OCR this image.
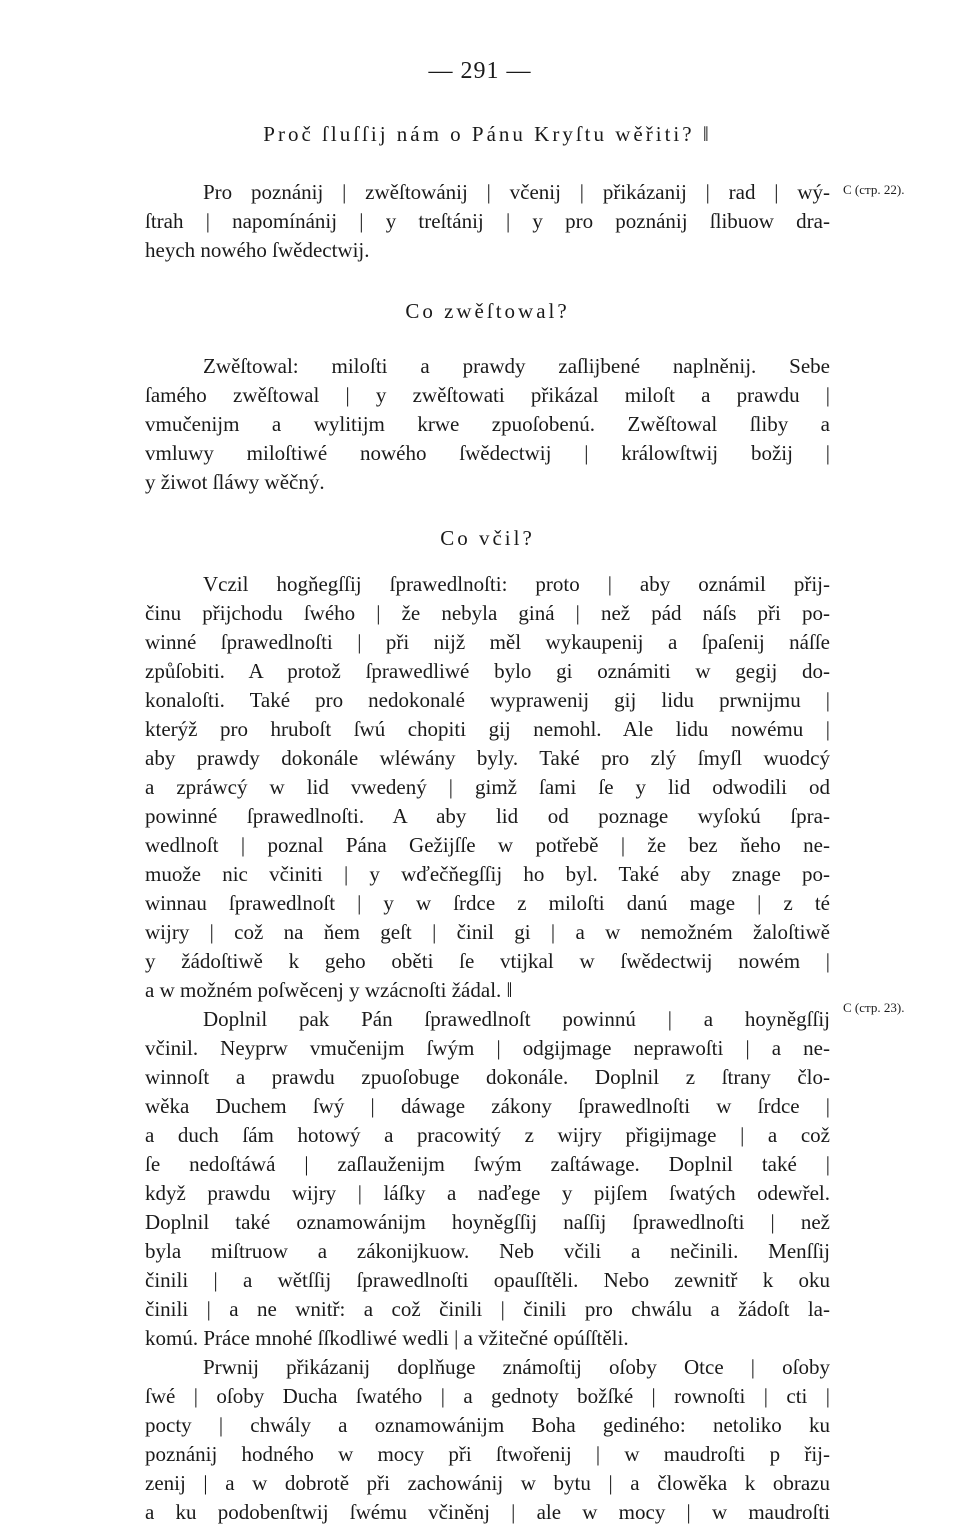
— 291 —
Proč ſluſſij nám o Pánu Kryſtu wěřiti? ‖
C (стр. 22).
Pro poznánij | zwěſtowánij | včenij | přikázanij | rad | wý-
ſtrah | napomínánij | y treſtánij | y pro poznánij ſlibuow dra-
heych nowého ſwědectwij.
Co zwěſtowal?
Zwěſtowal: miloſti a prawdy zaſlijbené naplněnij. Sebe
ſamého zwěſtowal | y zwěſtowati přikázal miloſt a prawdu |
vmučenijm a wylitijm krwe zpuoſobenú. Zwěſtowal ſliby a
vmluwy miloſtiwé nowého ſwědectwij | králowſtwij božij |
y žiwot ſláwy wěčný.
Co včil?
Vczil hogňegſſij ſprawedlnoſti: proto | aby oznámil přij-
činu přijchodu ſwého | že nebyla giná | než pád náſs při po-
winné ſprawedlnoſti | při nijž měl wykaupenij a ſpaſenij náſſe
způſobiti. A protož ſprawedliwé bylo gi oznámiti w gegij do-
konaloſti. Také pro nedokonalé wyprawenij gij lidu prwnijmu |
kterýž pro hruboſt ſwú chopiti gij nemohl. Ale lidu nowému |
aby prawdy dokonále wléwány byly. Také pro zlý ſmyſl wuodcý
a zpráwcý w lid vwedený | gimž ſami ſe y lid odwodili od
powinné ſprawedlnoſti. A aby lid od poznage wyſokú ſpra-
wedlnoſt | poznal Pána Gežijſſe w potřebě | že bez ňeho ne-
muože nic včiniti | y wďečňegſſij ho byl. Také aby znage po-
winnau ſprawedlnoſt | y w ſrdce z miloſti danú mage | z té
wijry | což na ňem geſt | činil gi | a w nemožném žaloſtiwě
y žádoſtiwě k geho oběti ſe vtijkal w ſwědectwij nowém |
a w možném poſwěcenj y wzácnoſti žádal. ‖
C (стр. 23).
Doplnil pak Pán ſprawedlnoſt powinnú | a hoyněgſſij
včinil. Neyprw vmučenijm ſwým | odgijmage neprawoſti | a ne-
winnoſt a prawdu zpuoſobuge dokonále. Doplnil z ſtrany člo-
wěka Duchem ſwý | dáwage zákony ſprawedlnoſti w ſrdce |
a duch ſám hotowý a pracowitý z wijry přigijmage | a což
ſe nedoſtáwá | zaſlauženijm ſwým zaſtáwage. Doplnil také |
když prawdu wijry | láſky a naďege y pijſem ſwatých odewřel.
Doplnil také oznamowánijm hoyněgſſij naſſij ſprawedlnoſti | než
byla miſtruow a zákonijkuow. Neb včili a nečinili. Menſſij
činili | a wětſſij ſprawedlnoſti opauſſtěli. Nebo zewnitř k oku
činili | a ne wnitř: a což činili | činili pro chwálu a žádoſt la-
komú. Práce mnohé ſſkodliwé wedli | a vžitečné opúſſtěli.
Prwnij přikázanij doplňuge známoſtij oſoby Otce | oſoby
ſwé | oſoby Ducha ſwatého | a gednoty božſké | rownoſti | cti |
pocty | chwály a oznamowánijm Boha gediného: netoliko ku
poznánij hodného w mocy při ſtwořenij | w maudroſti p řij-
zenij | a w dobrotě při zachowánij w bytu | a člowěka k obrazu
a ku podobenſtwij ſwému včiněnj | ale w mocy | w maudroſti
